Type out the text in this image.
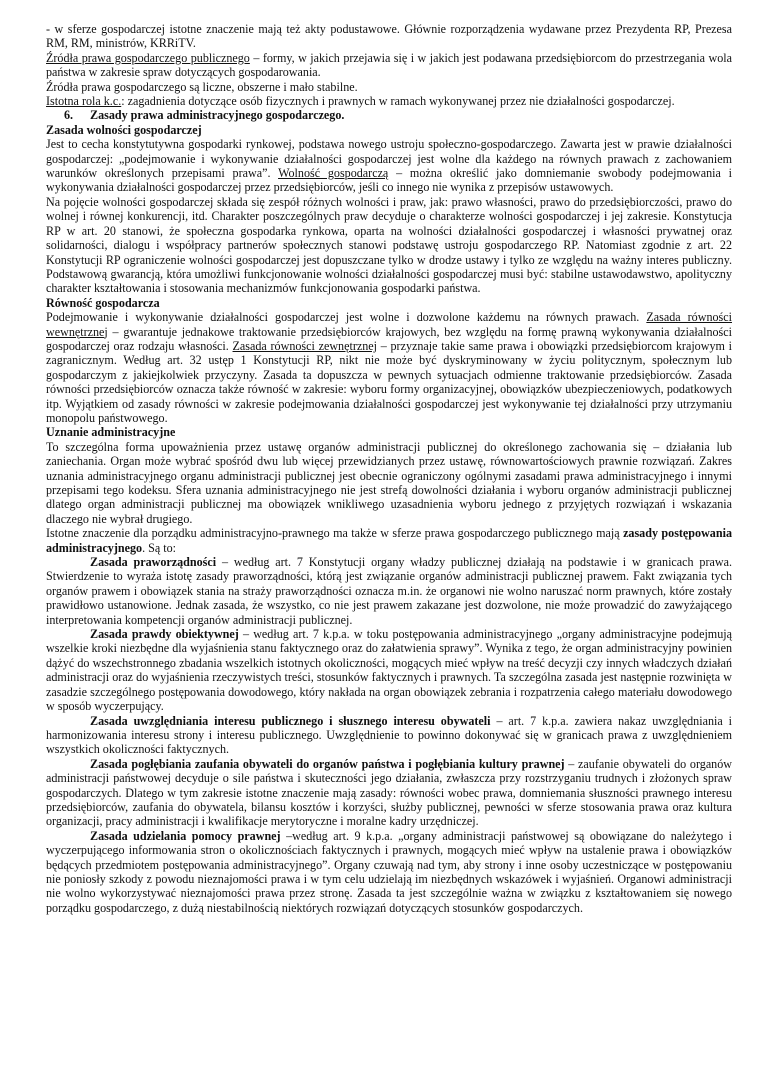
- w sferze gospodarczej istotne znaczenie mają też akty podustawowe. Głównie rozporządzenia wydawane przez Prezydenta RP, Prezesa RM, RM, ministrów, KRRiTV.

Źródła prawa gospodarczego publicznego – formy, w jakich przejawia się i w jakich jest podawana przedsiębiorcom do przestrzegania wola państwa w zakresie spraw dotyczących gospodarowania.

Źródła prawa gospodarczego są liczne, obszerne i mało stabilne.

Istotna rola k.c.: zagadnienia dotyczące osób fizycznych i prawnych w ramach wykonywanej przez nie działalności gospodarczej.

6. Zasady prawa administracyjnego gospodarczego.

Zasada wolności gospodarczej

Jest to cecha konstytutywna gospodarki rynkowej, podstawa nowego ustroju społeczno-gospodarczego. Zawarta jest w prawie działalności gospodarczej: „podejmowanie i wykonywanie działalności gospodarczej jest wolne dla każdego na równych prawach z zachowaniem warunków określonych przepisami prawa”. Wolność gospodarczą – można określić jako domniemanie swobody podejmowania i wykonywania działalności gospodarczej przez przedsiębiorców, jeśli co innego nie wynika z przepisów ustawowych.

Na pojęcie wolności gospodarczej składa się zespół różnych wolności i praw, jak: prawo własności, prawo do przedsiębiorczości, prawo do wolnej i równej konkurencji, itd. Charakter poszczególnych praw decyduje o charakterze wolności gospodarczej i jej zakresie. Konstytucja RP w art. 20 stanowi, że społeczna gospodarka rynkowa, oparta na wolności działalności gospodarczej i własności prywatnej oraz solidarności, dialogu i współpracy partnerów społecznych stanowi podstawę ustroju gospodarczego RP. Natomiast zgodnie z art. 22 Konstytucji RP ograniczenie wolności gospodarczej jest dopuszczane tylko w drodze ustawy i tylko ze względu na ważny interes publiczny. Podstawową gwarancją, która umożliwi funkcjonowanie wolności działalności gospodarczej musi być: stabilne ustawodawstwo, apolityczny charakter kształtowania i stosowania mechanizmów funkcjonowania gospodarki państwa.

Równość gospodarcza

Podejmowanie i wykonywanie działalności gospodarczej jest wolne i dozwolone każdemu na równych prawach. Zasada równości wewnętrznej – gwarantuje jednakowe traktowanie przedsiębiorców krajowych, bez względu na formę prawną wykonywania działalności gospodarczej oraz rodzaju własności. Zasada równości zewnętrznej – przyznaje takie same prawa i obowiązki przedsiębiorcom krajowym i zagranicznym. Według art. 32 ustęp 1 Konstytucji RP, nikt nie może być dyskryminowany w życiu politycznym, społecznym lub gospodarczym z jakiejkolwiek przyczyny. Zasada ta dopuszcza w pewnych sytuacjach odmienne traktowanie przedsiębiorców. Zasada równości przedsiębiorców oznacza także równość w zakresie: wyboru formy organizacyjnej, obowiązków ubezpieczeniowych, podatkowych itp. Wyjątkiem od zasady równości w zakresie podejmowania działalności gospodarczej jest wykonywanie tej działalności przy utrzymaniu monopolu państwowego.

Uznanie administracyjne

To szczególna forma upoważnienia przez ustawę organów administracji publicznej do określonego zachowania się – działania lub zaniechania. Organ może wybrać spośród dwu lub więcej przewidzianych przez ustawę, równowartościowych prawnie rozwiązań. Zakres uznania administracyjnego organu administracji publicznej jest obecnie ograniczony ogólnymi zasadami prawa administracyjnego i innymi przepisami tego kodeksu. Sfera uznania administracyjnego nie jest strefą dowolności działania i wyboru organów administracji publicznej dlatego organ administracji publicznej ma obowiązek wnikliwego uzasadnienia wyboru jednego z przyjętych rozwiązań i wskazania dlaczego nie wybrał drugiego.

Istotne znaczenie dla porządku administracyjno-prawnego ma także w sferze prawa gospodarczego publicznego mają zasady postępowania administracyjnego. Są to:

Zasada praworządności – według art. 7 Konstytucji organy władzy publicznej działają na podstawie i w granicach prawa. Stwierdzenie to wyraża istotę zasady praworządności, którą jest związanie organów administracji publicznej prawem. Fakt związania tych organów prawem i obowiązek stania na straży praworządności oznacza m.in. że organowi nie wolno naruszać norm prawnych, które zostały prawidłowo ustanowione. Jednak zasada, że wszystko, co nie jest prawem zakazane jest dozwolone, nie może prowadzić do zawyżającego interpretowania kompetencji organów administracji publicznej.

Zasada prawdy obiektywnej – według art. 7 k.p.a. w toku postępowania administracyjnego „organy administracyjne podejmują wszelkie kroki niezbędne dla wyjaśnienia stanu faktycznego oraz do załatwienia sprawy”. Wynika z tego, że organ administracyjny powinien dążyć do wszechstronnego zbadania wszelkich istotnych okoliczności, mogących mieć wpływ na treść decyzji czy innych władczych działań administracji oraz do wyjaśnienia rzeczywistych treści, stosunków faktycznych i prawnych. Ta szczególna zasada jest następnie rozwinięta w zasadzie szczególnego postępowania dowodowego, który nakłada na organ obowiązek zebrania i rozpatrzenia całego materiału dowodowego w sposób wyczerpujący.

Zasada uwzględniania interesu publicznego i słusznego interesu obywateli – art. 7 k.p.a. zawiera nakaz uwzględniania i harmonizowania interesu strony i interesu publicznego. Uwzględnienie to powinno dokonywać się w granicach prawa z uwzględnieniem wszystkich okoliczności faktycznych.

Zasada pogłębiania zaufania obywateli do organów państwa i pogłębiania kultury prawnej – zaufanie obywateli do organów administracji państwowej decyduje o sile państwa i skuteczności jego działania, zwłaszcza przy rozstrzyganiu trudnych i złożonych spraw gospodarczych. Dlatego w tym zakresie istotne znaczenie mają zasady: równości wobec prawa, domniemania słuszności prawnego interesu przedsiębiorców, zaufania do obywatela, bilansu kosztów i korzyści, służby publicznej, pewności w sferze stosowania prawa oraz kultura organizacji, pracy administracji i kwalifikacje merytoryczne i moralne kadry urzędniczej.

Zasada udzielania pomocy prawnej –według art. 9 k.p.a. „organy administracji państwowej są obowiązane do należytego i wyczerpującego informowania stron o okolicznościach faktycznych i prawnych, mogących mieć wpływ na ustalenie prawa i obowiązków będących przedmiotem postępowania administracyjnego”. Organy czuwają nad tym, aby strony i inne osoby uczestniczące w postępowaniu nie poniosły szkody z powodu nieznajomości prawa i w tym celu udzielają im niezbędnych wskazówek i wyjaśnień. Organowi administracji nie wolno wykorzystywać nieznajomości prawa przez stronę. Zasada ta jest szczególnie ważna w związku z kształtowaniem się nowego porządku gospodarczego, z dużą niestabilnością niektórych rozwiązań dotyczących stosunków gospodarczych.
